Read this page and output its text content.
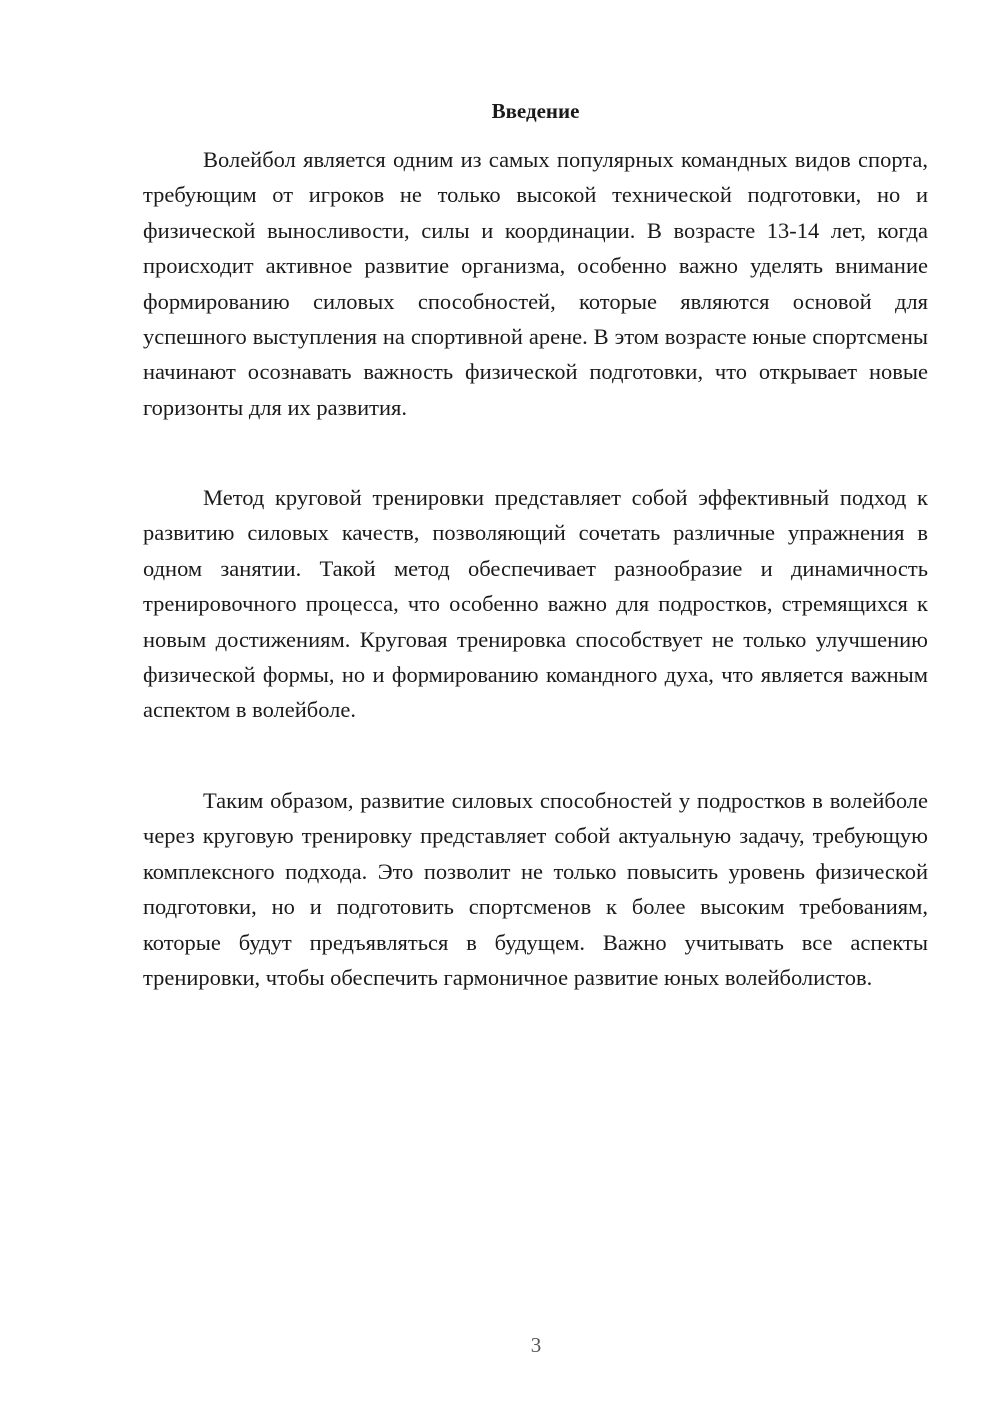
Введение

Волейбол является одним из самых популярных командных видов спорта, требующим от игроков не только высокой технической подготовки, но и физической выносливости, силы и координации. В возрасте 13-14 лет, когда происходит активное развитие организма, особенно важно уделять внимание формированию силовых способностей, которые являются основой для успешного выступления на спортивной арене. В этом возрасте юные спортсмены начинают осознавать важность физической подготовки, что открывает новые горизонты для их развития.

Метод круговой тренировки представляет собой эффективный подход к развитию силовых качеств, позволяющий сочетать различные упражнения в одном занятии. Такой метод обеспечивает разнообразие и динамичность тренировочного процесса, что особенно важно для подростков, стремящихся к новым достижениям. Круговая тренировка способствует не только улучшению физической формы, но и формированию командного духа, что является важным аспектом в волейболе.

Таким образом, развитие силовых способностей у подростков в волейболе через круговую тренировку представляет собой актуальную задачу, требующую комплексного подхода. Это позволит не только повысить уровень физической подготовки, но и подготовить спортсменов к более высоким требованиям, которые будут предъявляться в будущем. Важно учитывать все аспекты тренировки, чтобы обеспечить гармоничное развитие юных волейболистов.

3
